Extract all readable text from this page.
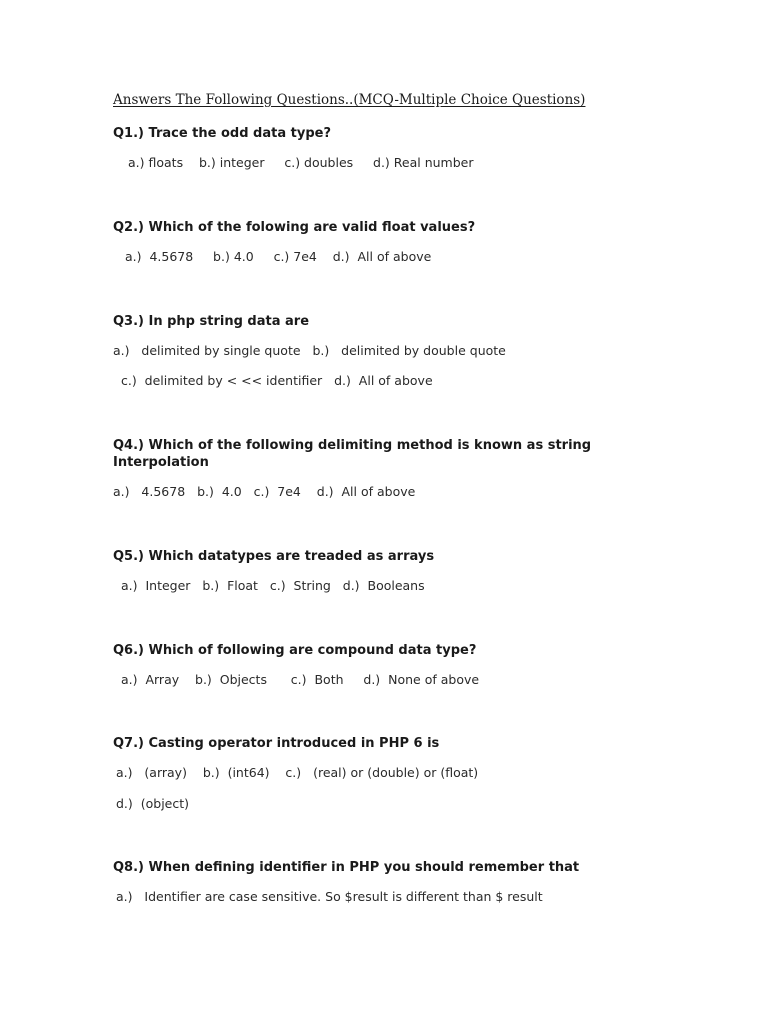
Answers The Following Questions..(MCQ-Multiple Choice Questions)
Q1.) Trace the odd data type?
a.) floats    b.) integer     c.) doubles     d.) Real number
Q2.) Which of the folowing are valid float values?
a.)  4.5678     b.) 4.0     c.) 7e4    d.)  All of above
Q3.) In php string data are
a.)   delimited by single quote   b.)   delimited by double quote
c.)  delimited by < << identifier   d.)  All of above
Q4.) Which of the following delimiting method is known as string
Interpolation
a.)   4.5678   b.)  4.0   c.)  7e4    d.)  All of above
Q5.) Which datatypes are treaded as arrays
a.)  Integer   b.)  Float   c.)  String   d.)  Booleans
Q6.) Which of following are compound data type?
a.)  Array    b.)  Objects      c.)  Both     d.)  None of above
Q7.) Casting operator introduced in PHP 6 is
a.)   (array)    b.)  (int64)    c.)   (real) or (double) or (float)
d.)  (object)
Q8.) When defining identifier in PHP you should remember that
a.)   Identifier are case sensitive. So $result is different than $ result
